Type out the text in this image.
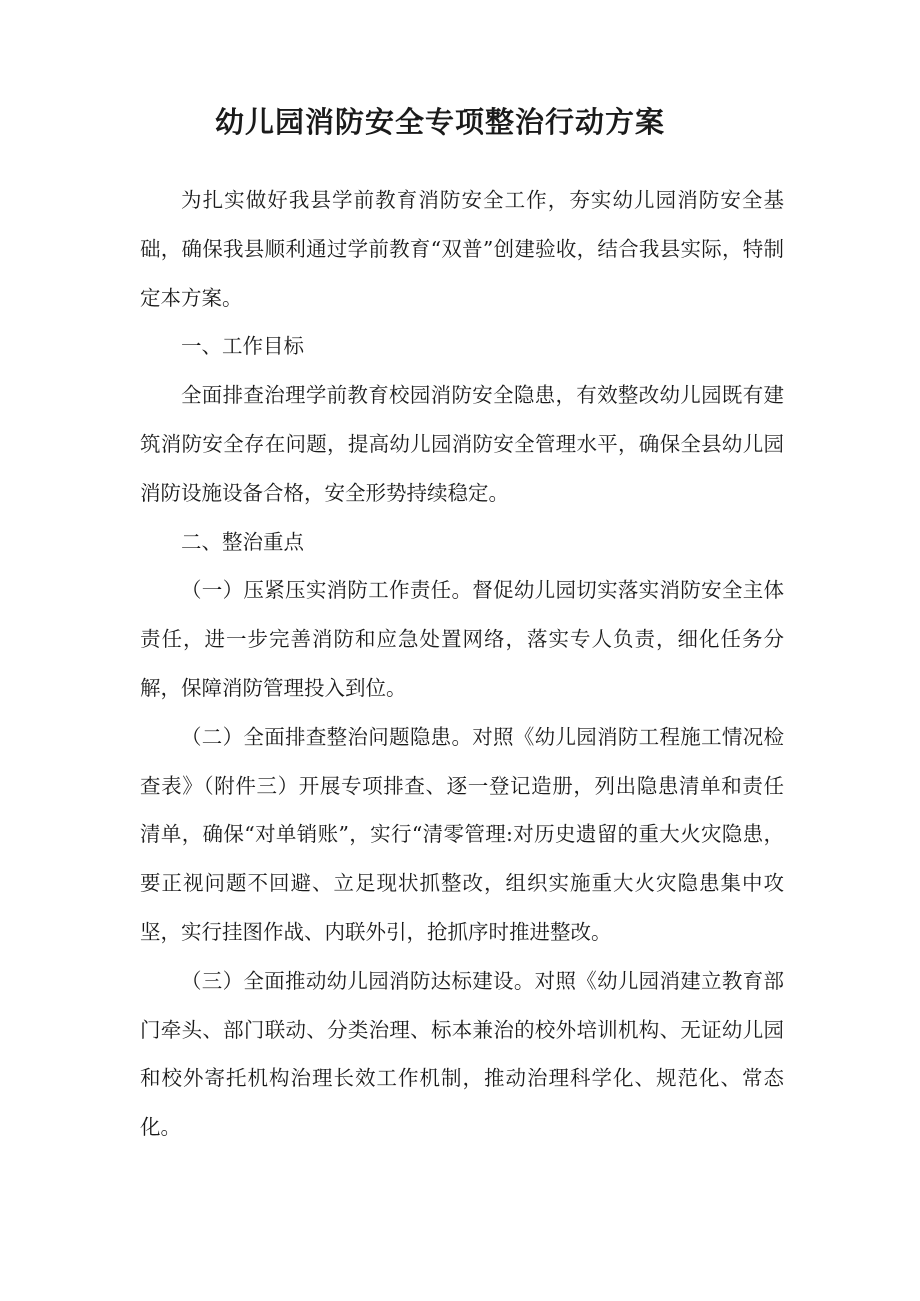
幼儿园消防安全专项整治行动方案

为扎实做好我县学前教育消防安全工作，夯实幼儿园消防安全基础，确保我县顺利通过学前教育“双普”创建验收，结合我县实际，特制定本方案。

一、工作目标

全面排查治理学前教育校园消防安全隐患，有效整改幼儿园既有建筑消防安全存在问题，提高幼儿园消防安全管理水平，确保全县幼儿园消防设施设备合格，安全形势持续稳定。

二、整治重点

（一）压紧压实消防工作责任。督促幼儿园切实落实消防安全主体责任，进一步完善消防和应急处置网络，落实专人负责，细化任务分解，保障消防管理投入到位。

（二）全面排查整治问题隐患。对照《幼儿园消防工程施工情况检查表》（附件三）开展专项排查、逐一登记造册，列出隐患清单和责任清单，确保“对单销账”，实行“清零管理:对历史遗留的重大火灾隐患，要正视问题不回避、立足现状抓整改，组织实施重大火灾隐患集中攻坚，实行挂图作战、内联外引，抢抓序时推进整改。

（三）全面推动幼儿园消防达标建设。对照《幼儿园消建立教育部门牵头、部门联动、分类治理、标本兼治的校外培训机构、无证幼儿园和校外寄托机构治理长效工作机制，推动治理科学化、规范化、常态化。
